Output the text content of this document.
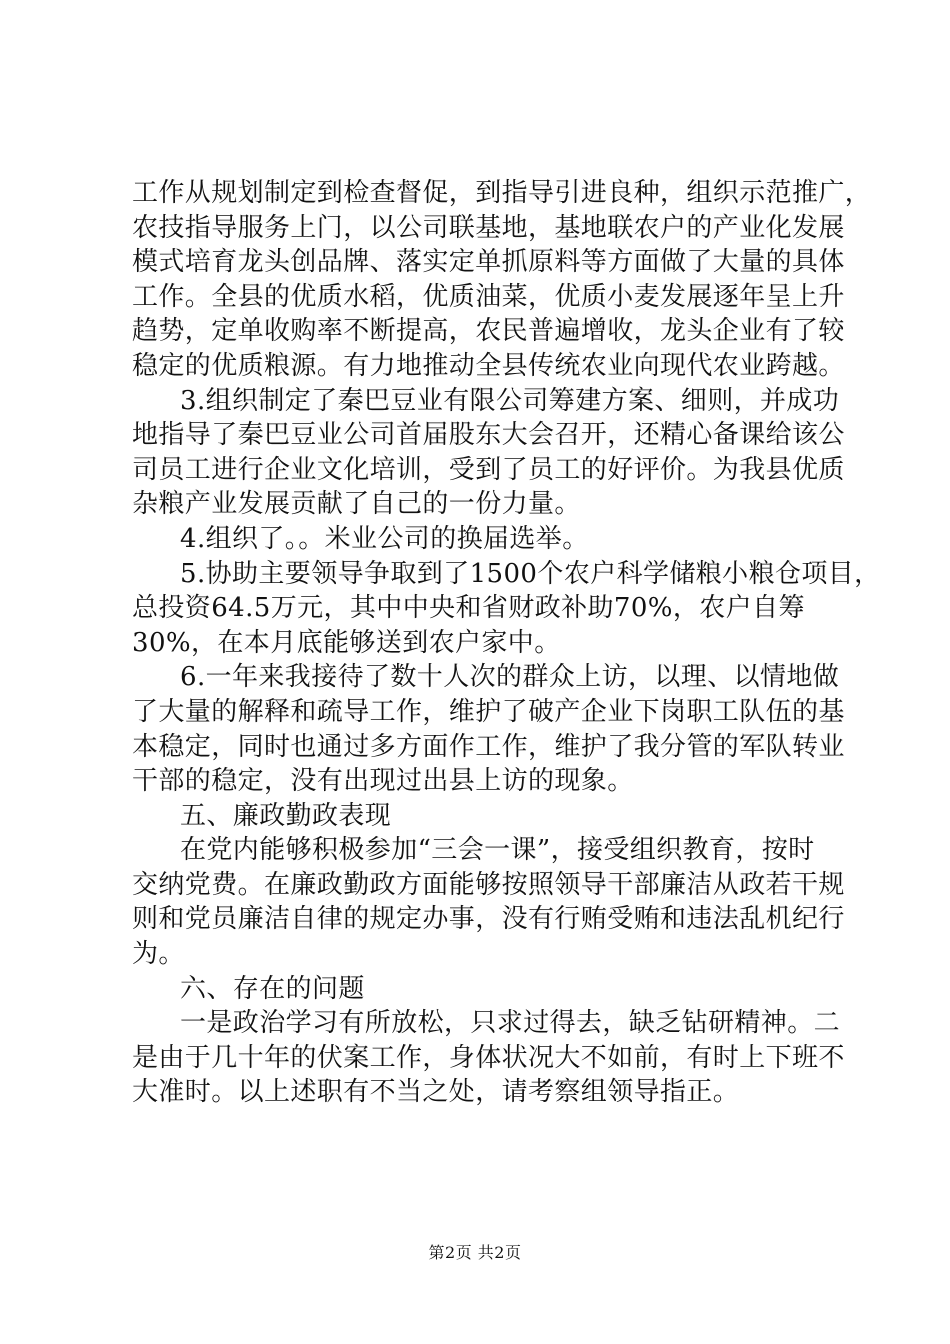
工作从规划制定到检查督促，到指导引进良种，组织示范推广，
农技指导服务上门，以公司联基地，基地联农户的产业化发展
模式培育龙头创品牌、落实定单抓原料等方面做了大量的具体
工作。全县的优质水稻，优质油菜，优质小麦发展逐年呈上升
趋势，定单收购率不断提高，农民普遍增收，龙头企业有了较
稳定的优质粮源。有力地推动全县传统农业向现代农业跨越。
3.组织制定了秦巴豆业有限公司筹建方案、细则，并成功
地指导了秦巴豆业公司首届股东大会召开，还精心备课给该公
司员工进行企业文化培训，受到了员工的好评价。为我县优质
杂粮产业发展贡献了自己的一份力量。
4.组织了。。米业公司的换届选举。
5.协助主要领导争取到了1500个农户科学储粮小粮仓项目，
总投资64.5万元，其中中央和省财政补助70%，农户自筹
30%，在本月底能够送到农户家中。
6.一年来我接待了数十人次的群众上访，以理、以情地做
了大量的解释和疏导工作，维护了破产企业下岗职工队伍的基
本稳定，同时也通过多方面作工作，维护了我分管的军队转业
干部的稳定，没有出现过出县上访的现象。
五、廉政勤政表现
在党内能够积极参加“三会一课”，接受组织教育，按时
交纳党费。在廉政勤政方面能够按照领导干部廉洁从政若干规
则和党员廉洁自律的规定办事，没有行贿受贿和违法乱机纪行
为。
六、存在的问题
一是政治学习有所放松，只求过得去，缺乏钻研精神。二
是由于几十年的伏案工作，身体状况大不如前，有时上下班不
大准时。以上述职有不当之处，请考察组领导指正。
第2页 共2页
